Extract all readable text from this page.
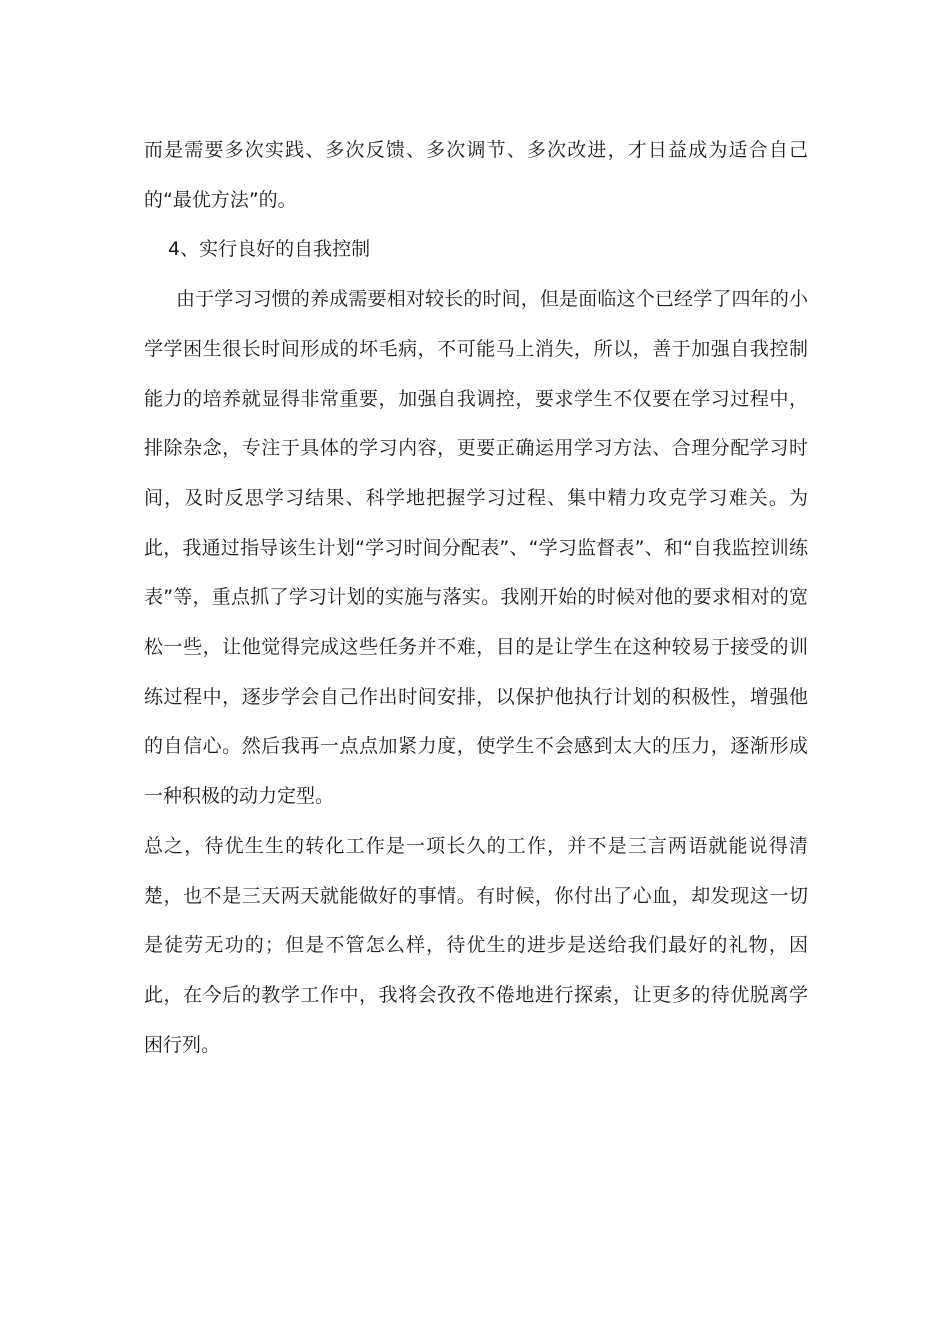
而是需要多次实践、多次反馈、多次调节、多次改进，才日益成为适合自己的“最优方法”的。

4、实行良好的自我控制

由于学习习惯的养成需要相对较长的时间，但是面临这个已经学了四年的小学学困生很长时间形成的坏毛病，不可能马上消失，所以，善于加强自我控制能力的培养就显得非常重要，加强自我调控，要求学生不仅要在学习过程中，排除杂念，专注于具体的学习内容，更要正确运用学习方法、合理分配学习时间，及时反思学习结果、科学地把握学习过程、集中精力攻克学习难关。为此，我通过指导该生计划“学习时间分配表”、“学习监督表”、和“自我监控训练表”等，重点抓了学习计划的实施与落实。我刚开始的时候对他的要求相对的宽松一些，让他觉得完成这些任务并不难，目的是让学生在这种较易于接受的训练过程中，逐步学会自己作出时间安排，以保护他执行计划的积极性，增强他的自信心。然后我再一点点加紧力度，使学生不会感到太大的压力，逐渐形成一种积极的动力定型。

总之，待优生生的转化工作是一项长久的工作，并不是三言两语就能说得清楚，也不是三天两天就能做好的事情。有时候，你付出了心血，却发现这一切是徒劳无功的；但是不管怎么样，待优生的进步是送给我们最好的礼物，因此，在今后的教学工作中，我将会孜孜不倦地进行探索，让更多的待优脱离学困行列。
